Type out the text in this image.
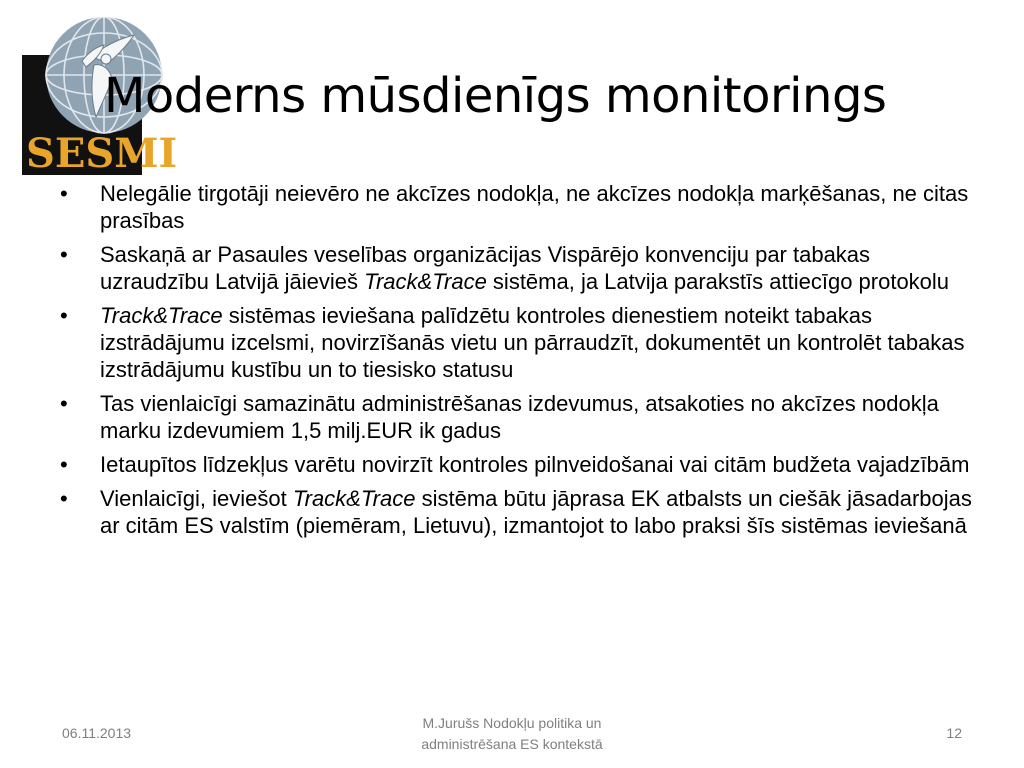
SESMI
Moderns mūsdienīgs monitorings
•	Nelegālie tirgotāji neievēro ne akcīzes nodokļa, ne akcīzes nodokļa marķēšanas, ne citas prasības
•	Saskaņā ar Pasaules veselības organizācijas Vispārējo konvenciju par tabakas uzraudzību Latvijā jāievieš Track&Trace sistēma, ja Latvija parakstīs attiecīgo protokolu
•	Track&Trace sistēmas ieviešana palīdzētu kontroles dienestiem noteikt tabakas izstrādājumu izcelsmi, novirzīšanās vietu un pārraudzīt, dokumentēt un kontrolēt tabakas izstrādājumu kustību un to tiesisko statusu
•	Tas vienlaicīgi samazinātu administrēšanas izdevumus, atsakoties no akcīzes nodokļa marku izdevumiem 1,5 milj.EUR ik gadus
•	Ietaupītos līdzekļus varētu novirzīt kontroles pilnveidošanai vai citām budžeta vajadzībām
•	Vienlaicīgi, ieviešot Track&Trace sistēma būtu jāprasa EK atbalsts un ciešāk jāsadarbojas ar citām ES valstīm (piemēram, Lietuvu), izmantojot to labo praksi šīs sistēmas ieviešanā
06.11.2013
M.Jurušs Nodokļu politika un
administrēšana ES kontekstā
12
